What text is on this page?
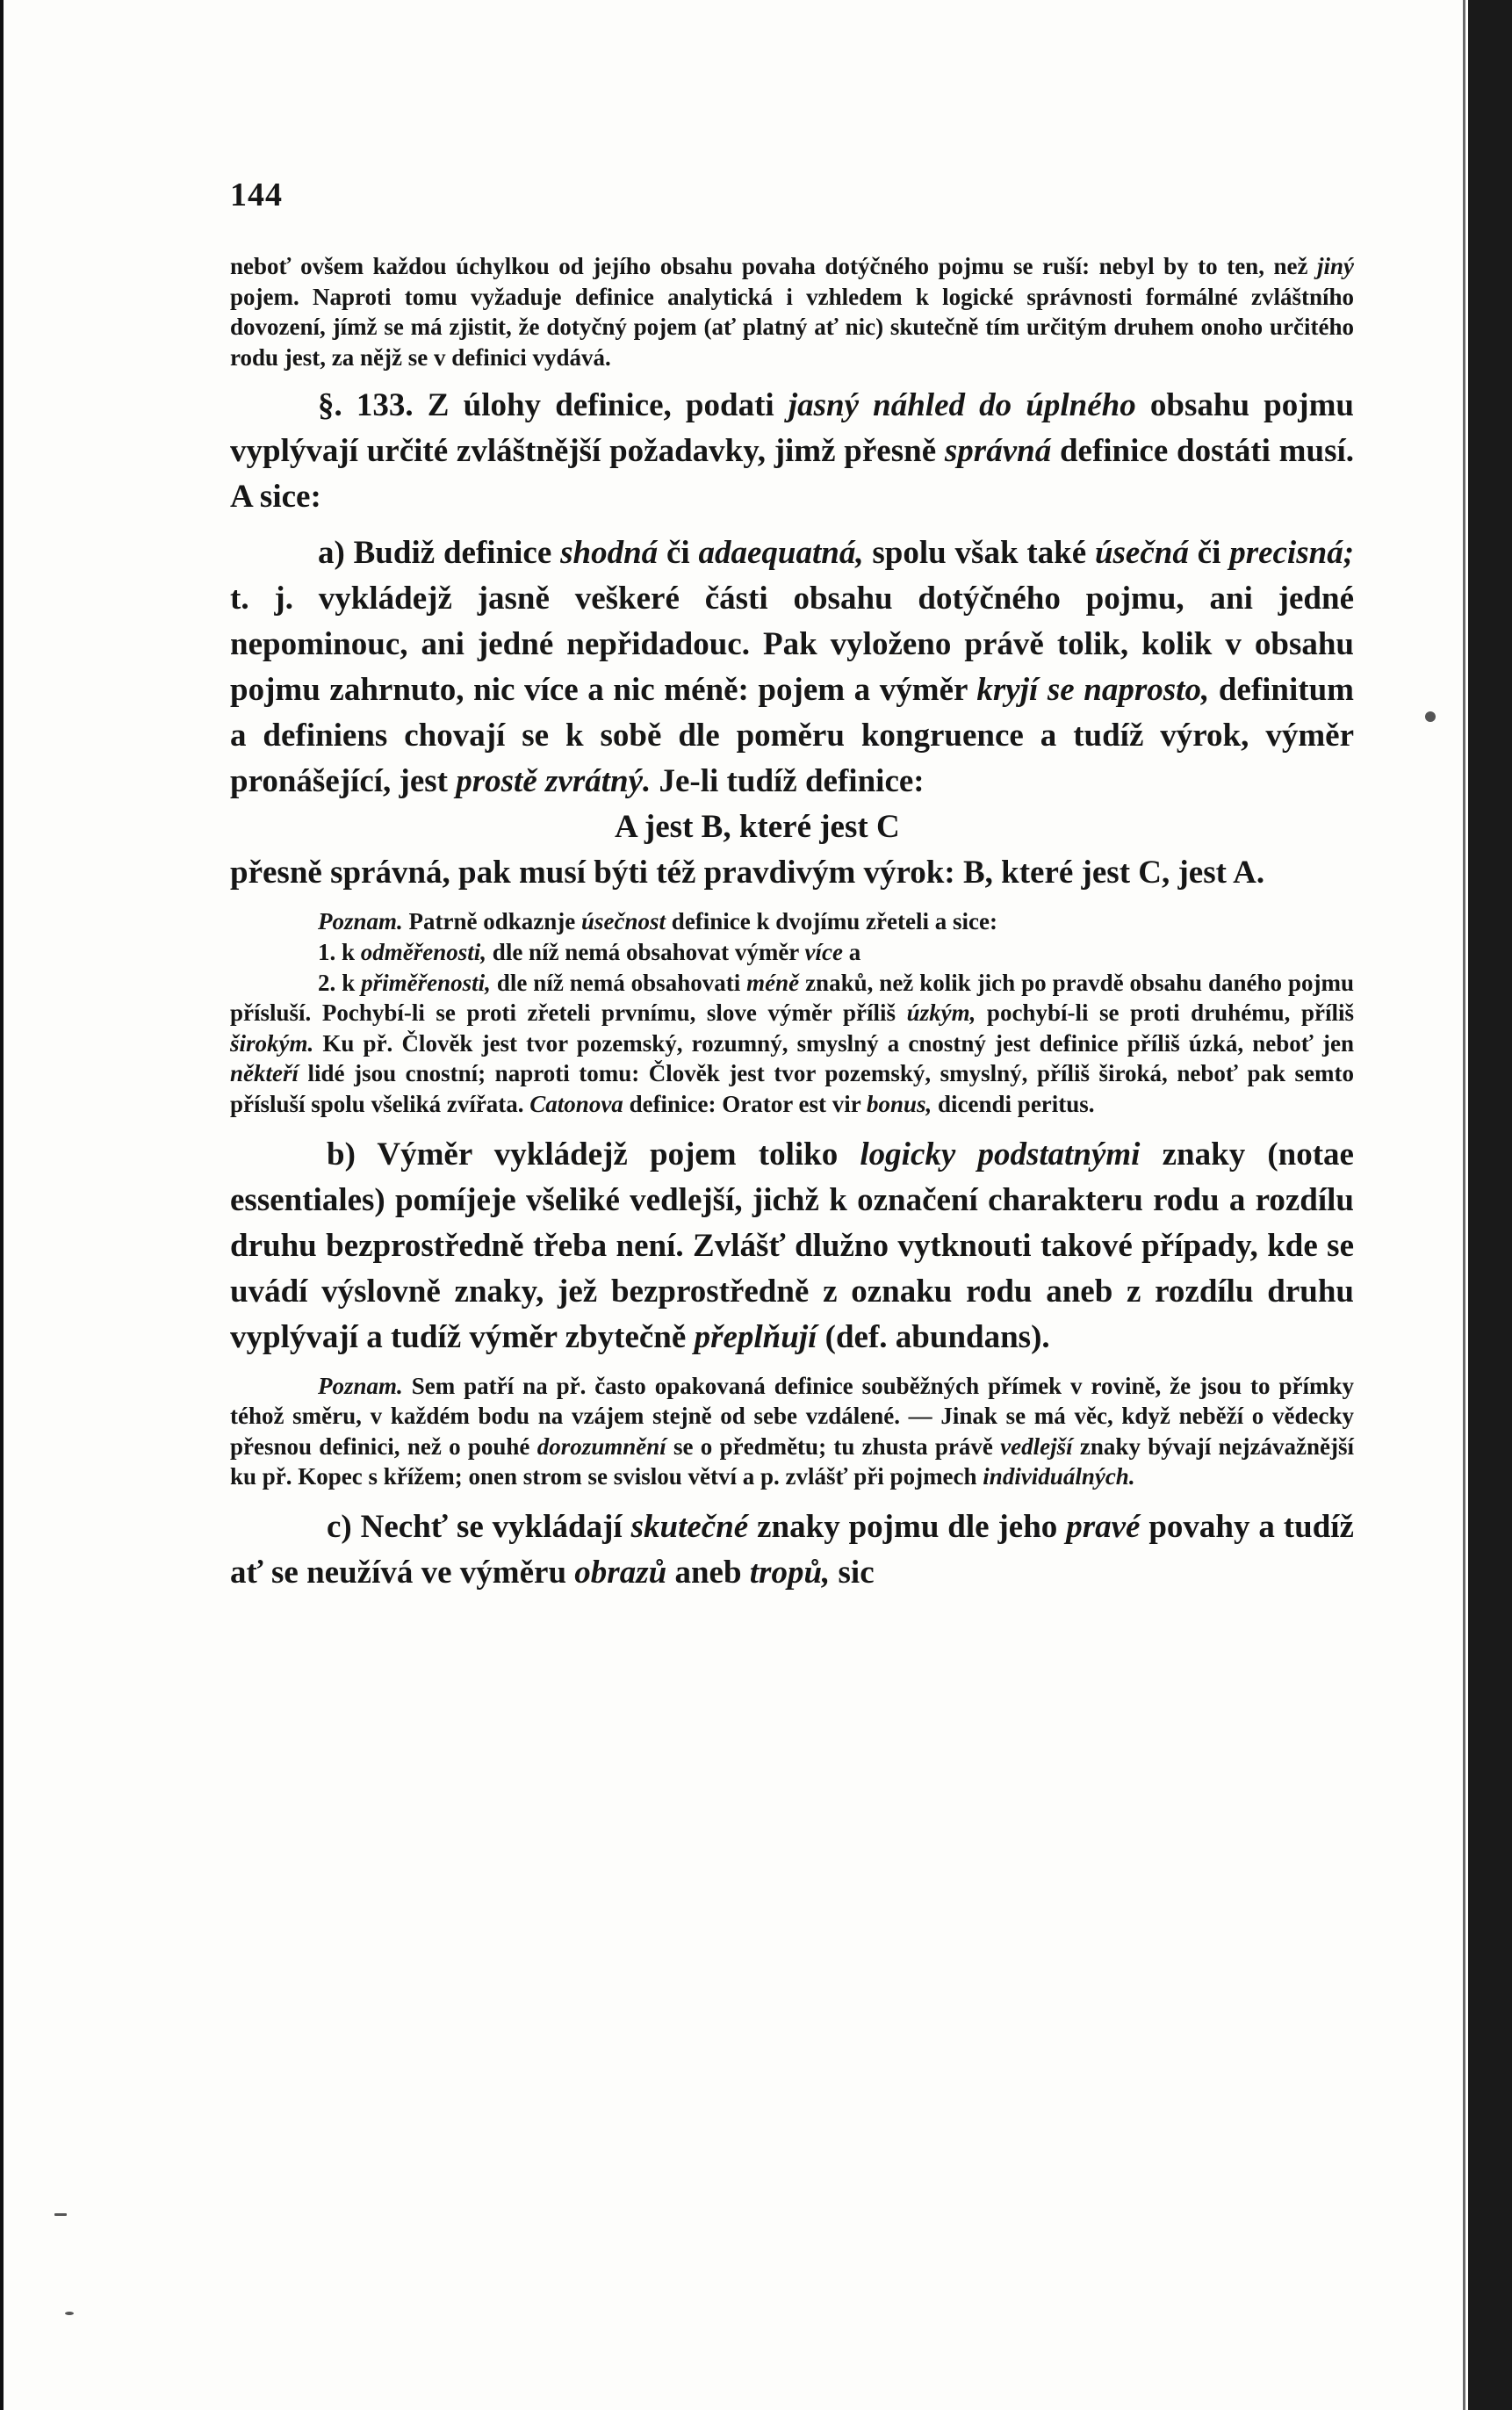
144

neboť ovšem každou úchylkou od jejího obsahu povaha dotýčného pojmu se ruší: nebyl by to ten, než jiný pojem. Naproti tomu vyžaduje definice analytická i vzhledem k logické správnosti formálné zvláštního dovození, jímž se má zjistit, že dotyčný pojem (ať platný ať nic) skutečně tím určitým druhem onoho určitého rodu jest, za nějž se v definici vydává.

§. 133. Z úlohy definice, podati jasný náhled do úplného obsahu pojmu vyplývají určité zvláštnější požadavky, jimž přesně správná definice dostáti musí. A sice:

a) Budiž definice shodná či adaequatná, spolu však také úsečná či precisná; t. j. vykládejž jasně veškeré části obsahu dotýčného pojmu, ani jedné nepominouc, ani jedné nepřidadouc. Pak vyloženo právě tolik, kolik v obsahu pojmu zahrnuto, nic více a nic méně: pojem a výměr kryjí se naprosto, definitum a definiens chovají se k sobě dle poměru kongruence a tudíž výrok, výměr pronášející, jest prostě zvrátný. Je-li tudíž definice:

A jest B, které jest C

přesně správná, pak musí býti též pravdivým výrok: B, které jest C, jest A.

Poznam. Patrně odkaznje úsečnost definice k dvojímu zřeteli a sice:

1. k odměřenosti, dle níž nemá obsahovat výměr více a

2. k přiměřenosti, dle níž nemá obsahovati méně znaků, než kolik jich po pravdě obsahu daného pojmu přísluší. Pochybí-li se proti zřeteli prvnímu, slove výměr příliš úzkým, pochybí-li se proti druhému, příliš širokým. Ku př. Člověk jest tvor pozemský, rozumný, smyslný a cnostný jest definice příliš úzká, neboť jen někteří lidé jsou cnostní; naproti tomu: Člověk jest tvor pozemský, smyslný, příliš široká, neboť pak semto přísluší spolu všeliká zvířata. Catonova definice: Orator est vir bonus, dicendi peritus.

b) Výměr vykládejž pojem toliko logicky podstatnými znaky (notae essentiales) pomíjeje všeliké vedlejší, jichž k označení charakteru rodu a rozdílu druhu bezprostředně třeba není. Zvlášť dlužno vytknouti takové případy, kde se uvádí výslovně znaky, jež bezprostředně z oznaku rodu aneb z rozdílu druhu vyplývají a tudíž výměr zbytečně přeplňují (def. abundans).

Poznam. Sem patří na př. často opakovaná definice souběžných přímek v rovině, že jsou to přímky téhož směru, v každém bodu na vzájem stejně od sebe vzdálené. — Jinak se má věc, když neběží o vědecky přesnou definici, než o pouhé dorozumnění se o předmětu; tu zhusta právě vedlejší znaky bývají nejzávažnější ku př. Kopec s křížem; onen strom se svislou větví a p. zvlášť při pojmech individuálných.

c) Nechť se vykládají skutečné znaky pojmu dle jeho pravé povahy a tudíž ať se neužívá ve výměru obrazů aneb tropů, sic
